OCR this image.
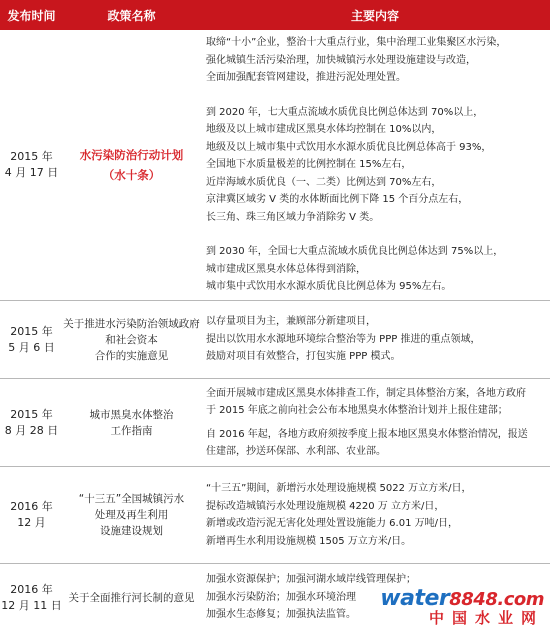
发布时间	政策名称	主要内容
2015 年
4 月 17 日
水污染防治行动计划
（水十条）
取缔“十小”企业，整治十大重点行业，集中治理工业集聚区水污染，
强化城镇生活污染治理，加快城镇污水处理设施建设与改造，
全面加强配套管网建设，推进污泥处理处置。
到 2020 年，七大重点流域水质优良比例总体达到 70%以上，
地级及以上城市建成区黑臭水体均控制在 10%以内，
地级及以上城市集中式饮用水水源水质优良比例总体高于 93%，
全国地下水质量极差的比例控制在 15%左右，
近岸海域水质优良（一、二类）比例达到 70%左右，
京津冀区域劣 V 类的水体断面比例下降 15 个百分点左右，
长三角、珠三角区域力争消除劣 V 类。
到 2030 年，全国七大重点流域水质优良比例总体达到 75%以上，
城市建成区黑臭水体总体得到消除，
城市集中式饮用水水源水质优良比例总体为 95%左右。
2015 年
5 月 6 日
关于推进水污染防治领域政府
和社会资本
合作的实施意见
以存量项目为主，兼顾部分新建项目，
提出以饮用水水源地环境综合整治等为 PPP 推进的重点领域，
鼓励对项目有效整合，打包实施 PPP 模式。
2015 年
8 月 28 日
城市黑臭水体整治
工作指南
全面开展城市建成区黑臭水体排查工作，制定具体整治方案，各地方政府
于 2015 年底之前向社会公布本地黑臭水体整治计划并上报住建部；
自 2016 年起，各地方政府须按季度上报本地区黑臭水体整治情况，报送
住建部，抄送环保部、水利部、农业部。
2016 年
12 月
“十三五”全国城镇污水
处理及再生利用
设施建设规划
“十三五”期间，新增污水处理设施规模 5022 万立方米/日，
提标改造城镇污水处理设施规模 4220 万 立方米/日，
新增或改造污泥无害化处理处置设施能力 6.01 万吨/日，
新增再生水利用设施规模 1505 万立方米/日。
2016 年
12 月 11 日
关于全面推行河长制的意见
加强水资源保护；加强河湖水域岸线管理保护；
加强水污染防治；加强水环境治理
加强水生态修复；加强执法监管。
water8848.com
中国水业网
